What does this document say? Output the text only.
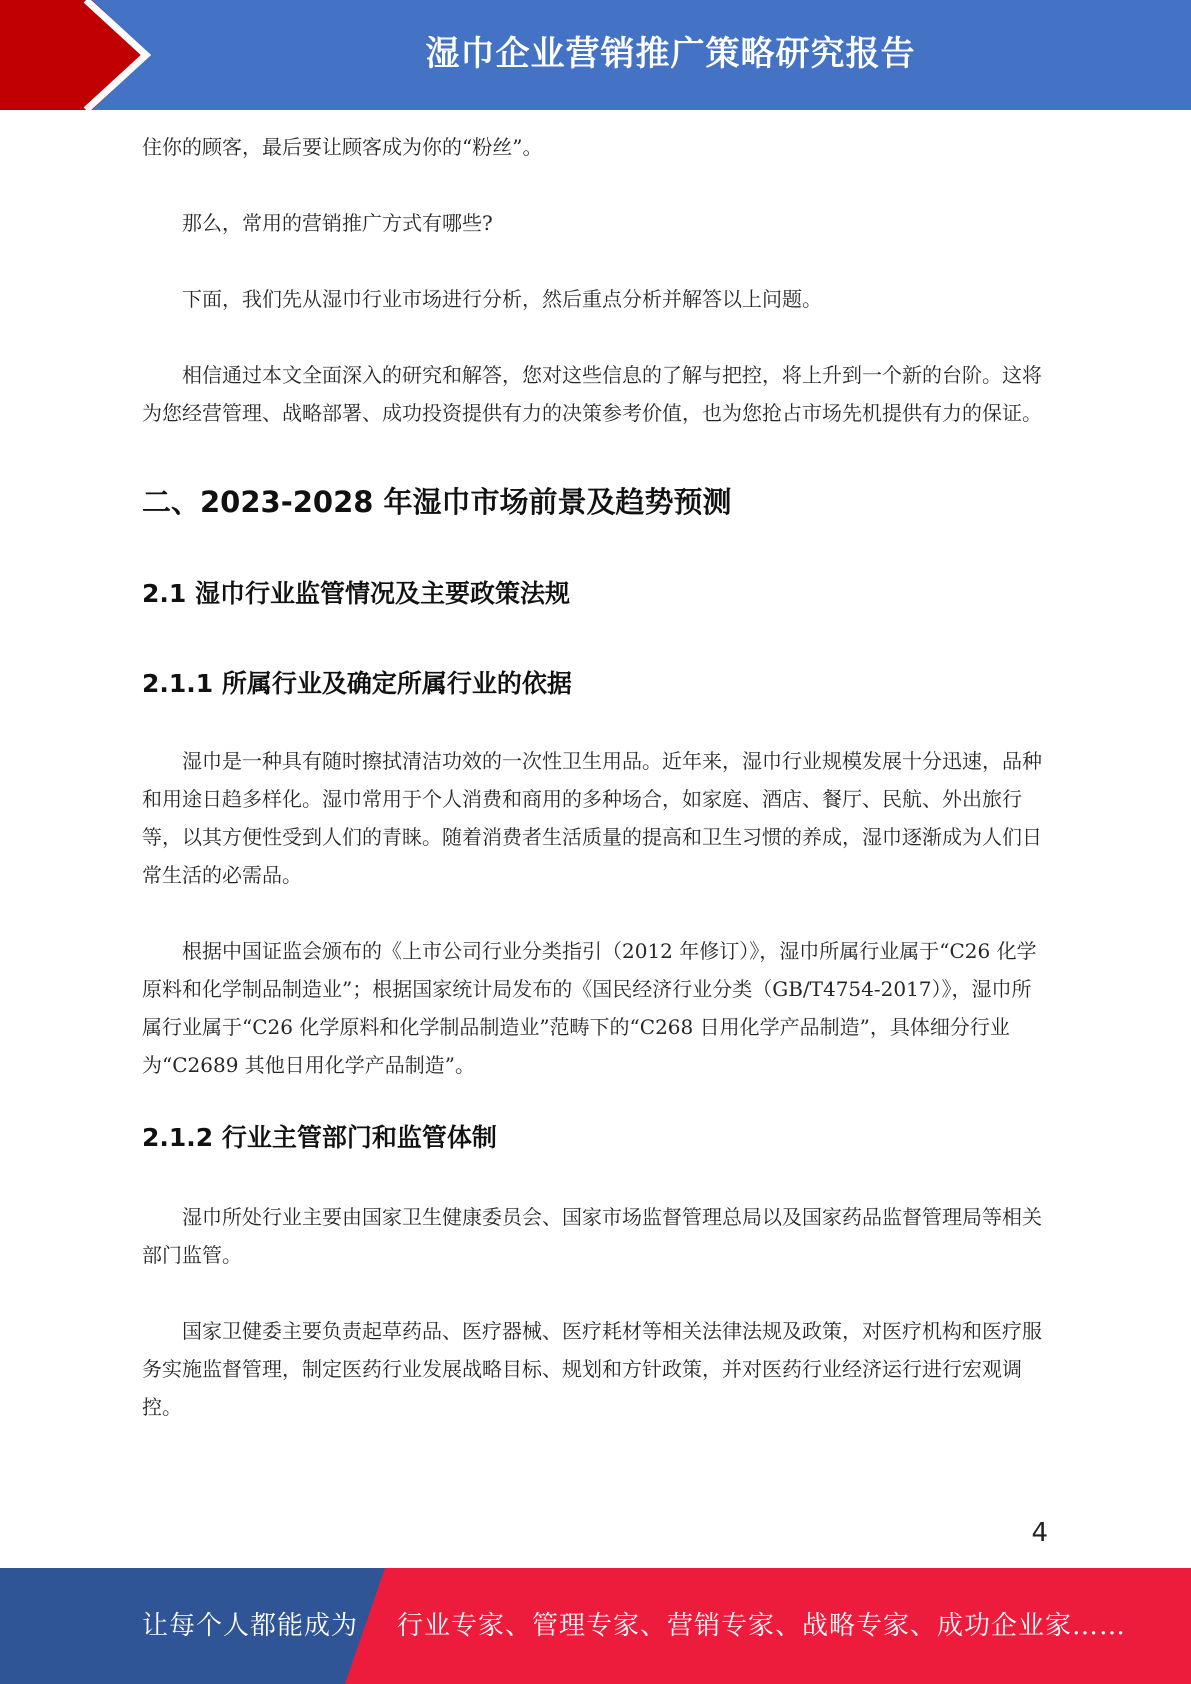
湿巾企业营销推广策略研究报告

住你的顾客，最后要让顾客成为你的“粉丝”。

那么，常用的营销推广方式有哪些?

下面，我们先从湿巾行业市场进行分析，然后重点分析并解答以上问题。

相信通过本文全面深入的研究和解答，您对这些信息的了解与把控，将上升到一个新的台阶。这将为您经营管理、战略部署、成功投资提供有力的决策参考价值，也为您抢占市场先机提供有力的保证。

二、2023-2028 年湿巾市场前景及趋势预测
2.1 湿巾行业监管情况及主要政策法规
2.1.1 所属行业及确定所属行业的依据

湿巾是一种具有随时擦拭清洁功效的一次性卫生用品。近年来，湿巾行业规模发展十分迅速，品种和用途日趋多样化。湿巾常用于个人消费和商用的多种场合，如家庭、酒店、餐厅、民航、外出旅行等，以其方便性受到人们的青睐。随着消费者生活质量的提高和卫生习惯的养成，湿巾逐渐成为人们日常生活的必需品。

根据中国证监会颁布的《上市公司行业分类指引（2012 年修订）》，湿巾所属行业属于“C26 化学原料和化学制品制造业”；根据国家统计局发布的《国民经济行业分类（GB/T4754-2017）》，湿巾所属行业属于“C26 化学原料和化学制品制造业”范畴下的“C268 日用化学产品制造”，具体细分行业为“C2689 其他日用化学产品制造”。

2.1.2 行业主管部门和监管体制

湿巾所处行业主要由国家卫生健康委员会、国家市场监督管理总局以及国家药品监督管理局等相关部门监管。

国家卫健委主要负责起草药品、医疗器械、医疗耗材等相关法律法规及政策，对医疗机构和医疗服务实施监督管理，制定医药行业发展战略目标、规划和方针政策，并对医药行业经济运行进行宏观调控。

4
让每个人都能成为 行业专家、管理专家、营销专家、战略专家、成功企业家……
